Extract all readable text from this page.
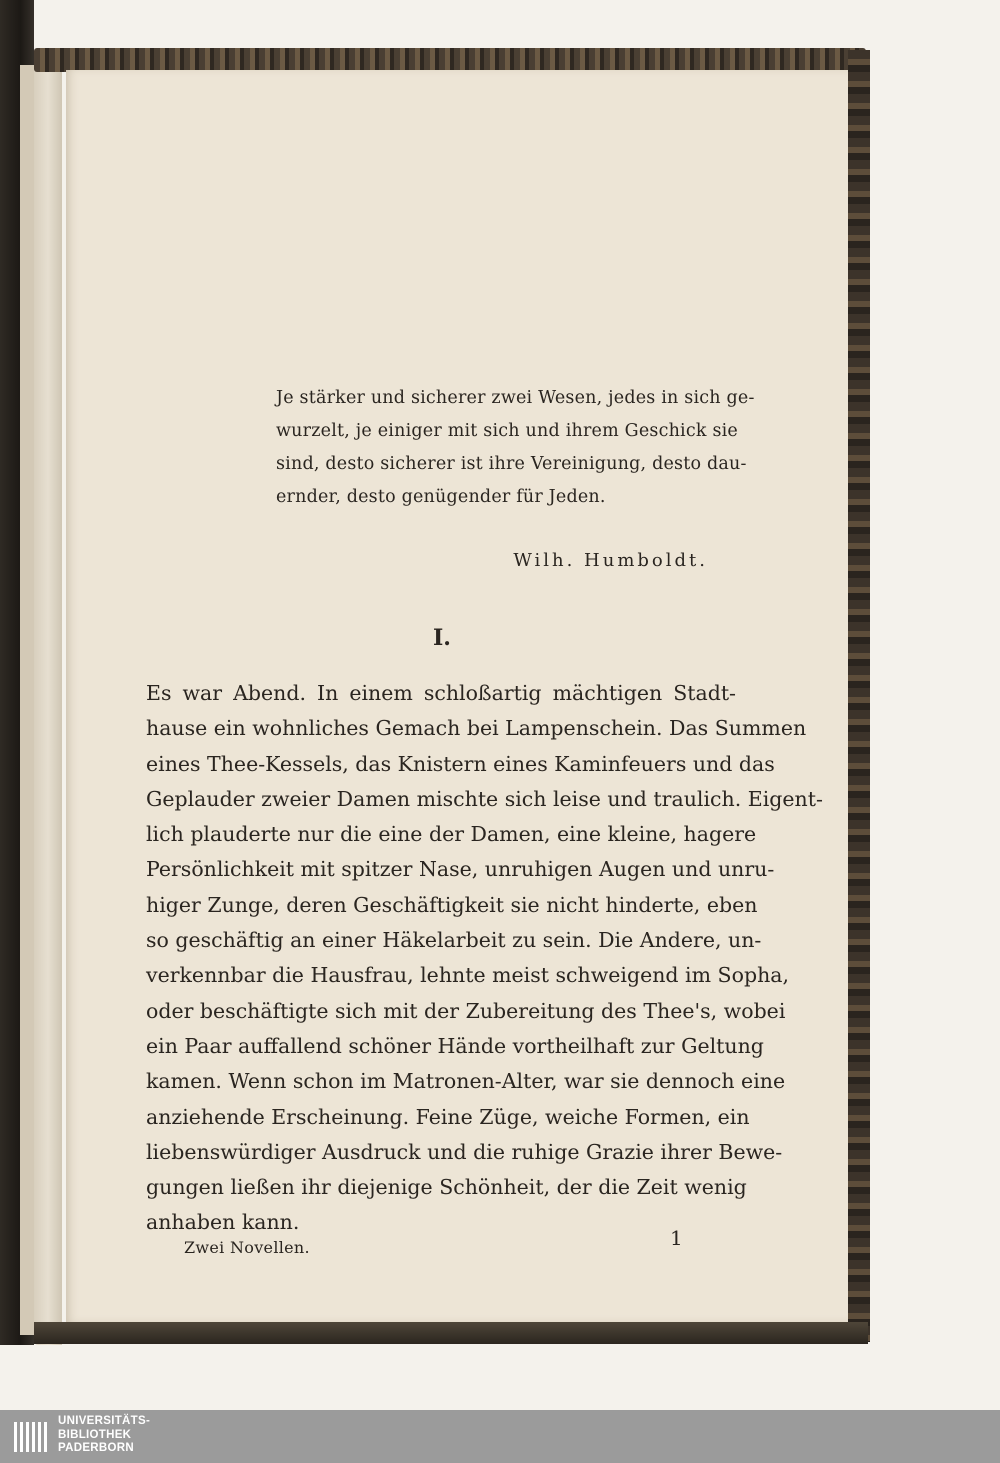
Je stärker und sicherer zwei Wesen, jedes in sich ge-
wurzelt, je einiger mit sich und ihrem Geschick sie
sind, desto sicherer ist ihre Vereinigung, desto dau-
ernder, desto genügender für Jeden.
Wilh. Humboldt.
I.
Es war Abend. In einem schloßartig mächtigen Stadt-
hause ein wohnliches Gemach bei Lampenschein. Das Summen
eines Thee-Kessels, das Knistern eines Kaminfeuers und das
Geplauder zweier Damen mischte sich leise und traulich. Eigent-
lich plauderte nur die eine der Damen, eine kleine, hagere
Persönlichkeit mit spitzer Nase, unruhigen Augen und unru-
higer Zunge, deren Geschäftigkeit sie nicht hinderte, eben
so geschäftig an einer Häkelarbeit zu sein. Die Andere, un-
verkennbar die Hausfrau, lehnte meist schweigend im Sopha,
oder beschäftigte sich mit der Zubereitung des Thee's, wobei
ein Paar auffallend schöner Hände vortheilhaft zur Geltung
kamen. Wenn schon im Matronen-Alter, war sie dennoch eine
anziehende Erscheinung. Feine Züge, weiche Formen, ein
liebenswürdiger Ausdruck und die ruhige Grazie ihrer Bewe-
gungen ließen ihr diejenige Schönheit, der die Zeit wenig
anhaben kann.
Zwei Novellen.	1
UNIVERSITÄTS-
BIBLIOTHEK
PADERBORN
